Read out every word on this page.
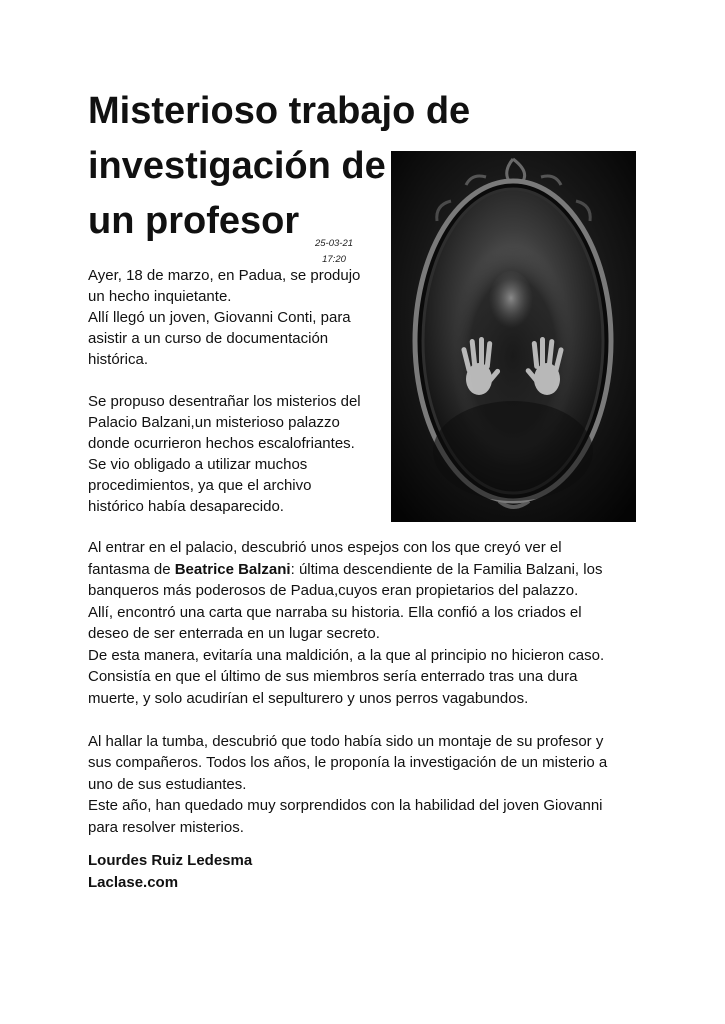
Misterioso trabajo de
investigación de
un profesor
25-03-21
17:20
Ayer, 18 de marzo, en Padua, se produjo
un hecho inquietante.
Allí llegó un joven, Giovanni Conti, para
asistir a un curso de documentación
histórica.
Se propuso desentrañar los misterios del
Palacio Balzani,un misterioso palazzo
donde ocurrieron hechos escalofriantes.
Se vio obligado a utilizar muchos
procedimientos, ya que el archivo
histórico había desaparecido.
Al entrar en el palacio, descubrió unos espejos con los que creyó ver el
fantasma de Beatrice Balzani: última descendiente de la Familia Balzani, los
banqueros más poderosos de Padua,cuyos eran propietarios del palazzo.
Allí, encontró una carta que narraba su historia. Ella confió a los criados el
deseo de ser enterrada en un lugar secreto.
De esta manera, evitaría una maldición, a la que al principio no hicieron caso.
Consistía en que el último de sus miembros sería enterrado tras una dura
muerte, y solo acudirían el sepulturero y unos perros vagabundos.
Al hallar la tumba, descubrió que todo había sido un montaje de su profesor y
sus compañeros. Todos los años, le proponía la investigación de un misterio a
uno de sus estudiantes.
Este año, han quedado muy sorprendidos con la habilidad del joven Giovanni
para resolver misterios.
Lourdes Ruiz Ledesma
Laclase.com
